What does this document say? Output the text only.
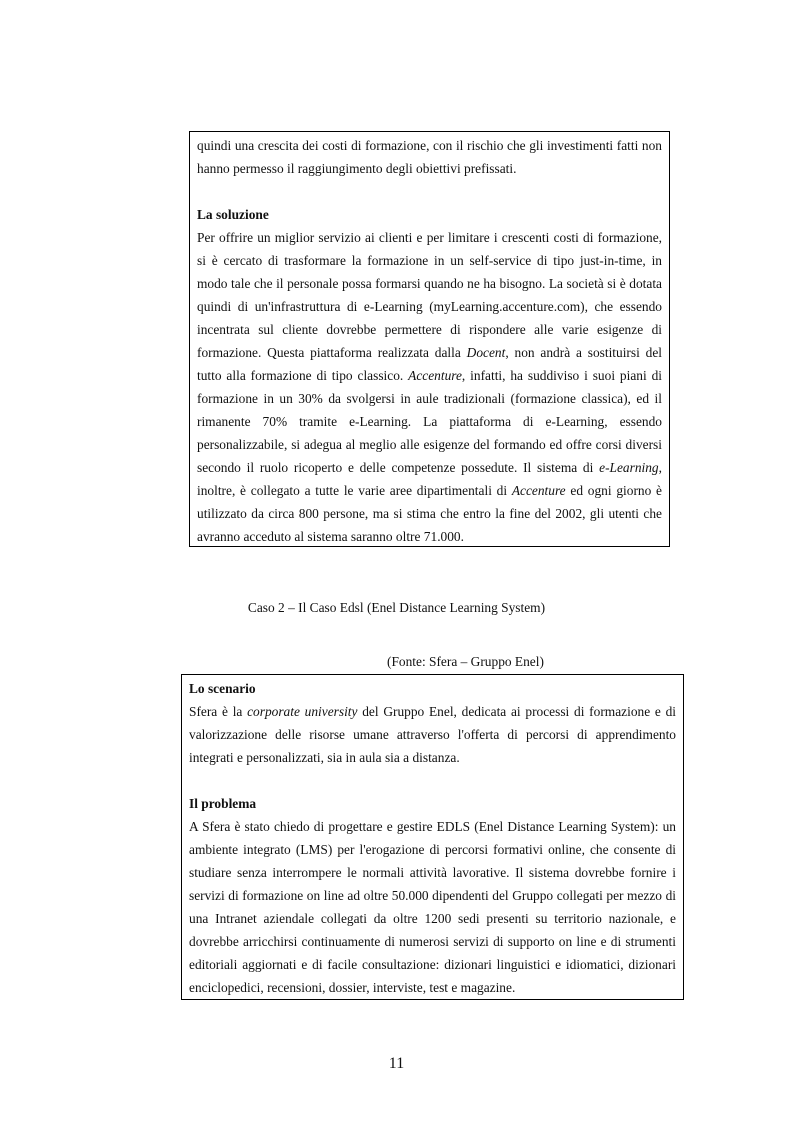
quindi una crescita dei costi di formazione, con il rischio che gli investimenti fatti non hanno permesso il raggiungimento degli obiettivi prefissati.

La soluzione

Per offrire un miglior servizio ai clienti e per limitare i crescenti costi di formazione, si è cercato di trasformare la formazione in un self-service di tipo just-in-time, in modo tale che il personale possa formarsi quando ne ha bisogno. La società si è dotata quindi di un'infrastruttura di e-Learning (myLearning.accenture.com), che essendo incentrata sul cliente dovrebbe permettere di rispondere alle varie esigenze di formazione. Questa piattaforma realizzata dalla Docent, non andrà a sostituirsi del tutto alla formazione di tipo classico. Accenture, infatti, ha suddiviso i suoi piani di formazione in un 30% da svolgersi in aule tradizionali (formazione classica), ed il rimanente 70% tramite e-Learning. La piattaforma di e-Learning, essendo personalizzabile, si adegua al meglio alle esigenze del formando ed offre corsi diversi secondo il ruolo ricoperto e delle competenze possedute. Il sistema di e-Learning, inoltre, è collegato a tutte le varie aree dipartimentali di Accenture ed ogni giorno è utilizzato da circa 800 persone, ma si stima che entro la fine del 2002, gli utenti che avranno acceduto al sistema saranno oltre 71.000.

Caso 2 – Il Caso Edsl (Enel Distance Learning System)
(Fonte: Sfera – Gruppo Enel)

Lo scenario

Sfera è la corporate university del Gruppo Enel, dedicata ai processi di formazione e di valorizzazione delle risorse umane attraverso l'offerta di percorsi di apprendimento integrati e personalizzati, sia in aula sia a distanza.

Il problema

A Sfera è stato chiedo di progettare e gestire EDLS (Enel Distance Learning System): un ambiente integrato (LMS) per l'erogazione di percorsi formativi online, che consente di studiare senza interrompere le normali attività lavorative. Il sistema dovrebbe fornire i servizi di formazione on line ad oltre 50.000 dipendenti del Gruppo collegati per mezzo di una Intranet aziendale collegati da oltre 1200 sedi presenti su territorio nazionale, e dovrebbe arricchirsi continuamente di numerosi servizi di supporto on line e di strumenti editoriali aggiornati e di facile consultazione: dizionari linguistici e idiomatici, dizionari enciclopedici, recensioni, dossier, interviste, test e magazine.

11
